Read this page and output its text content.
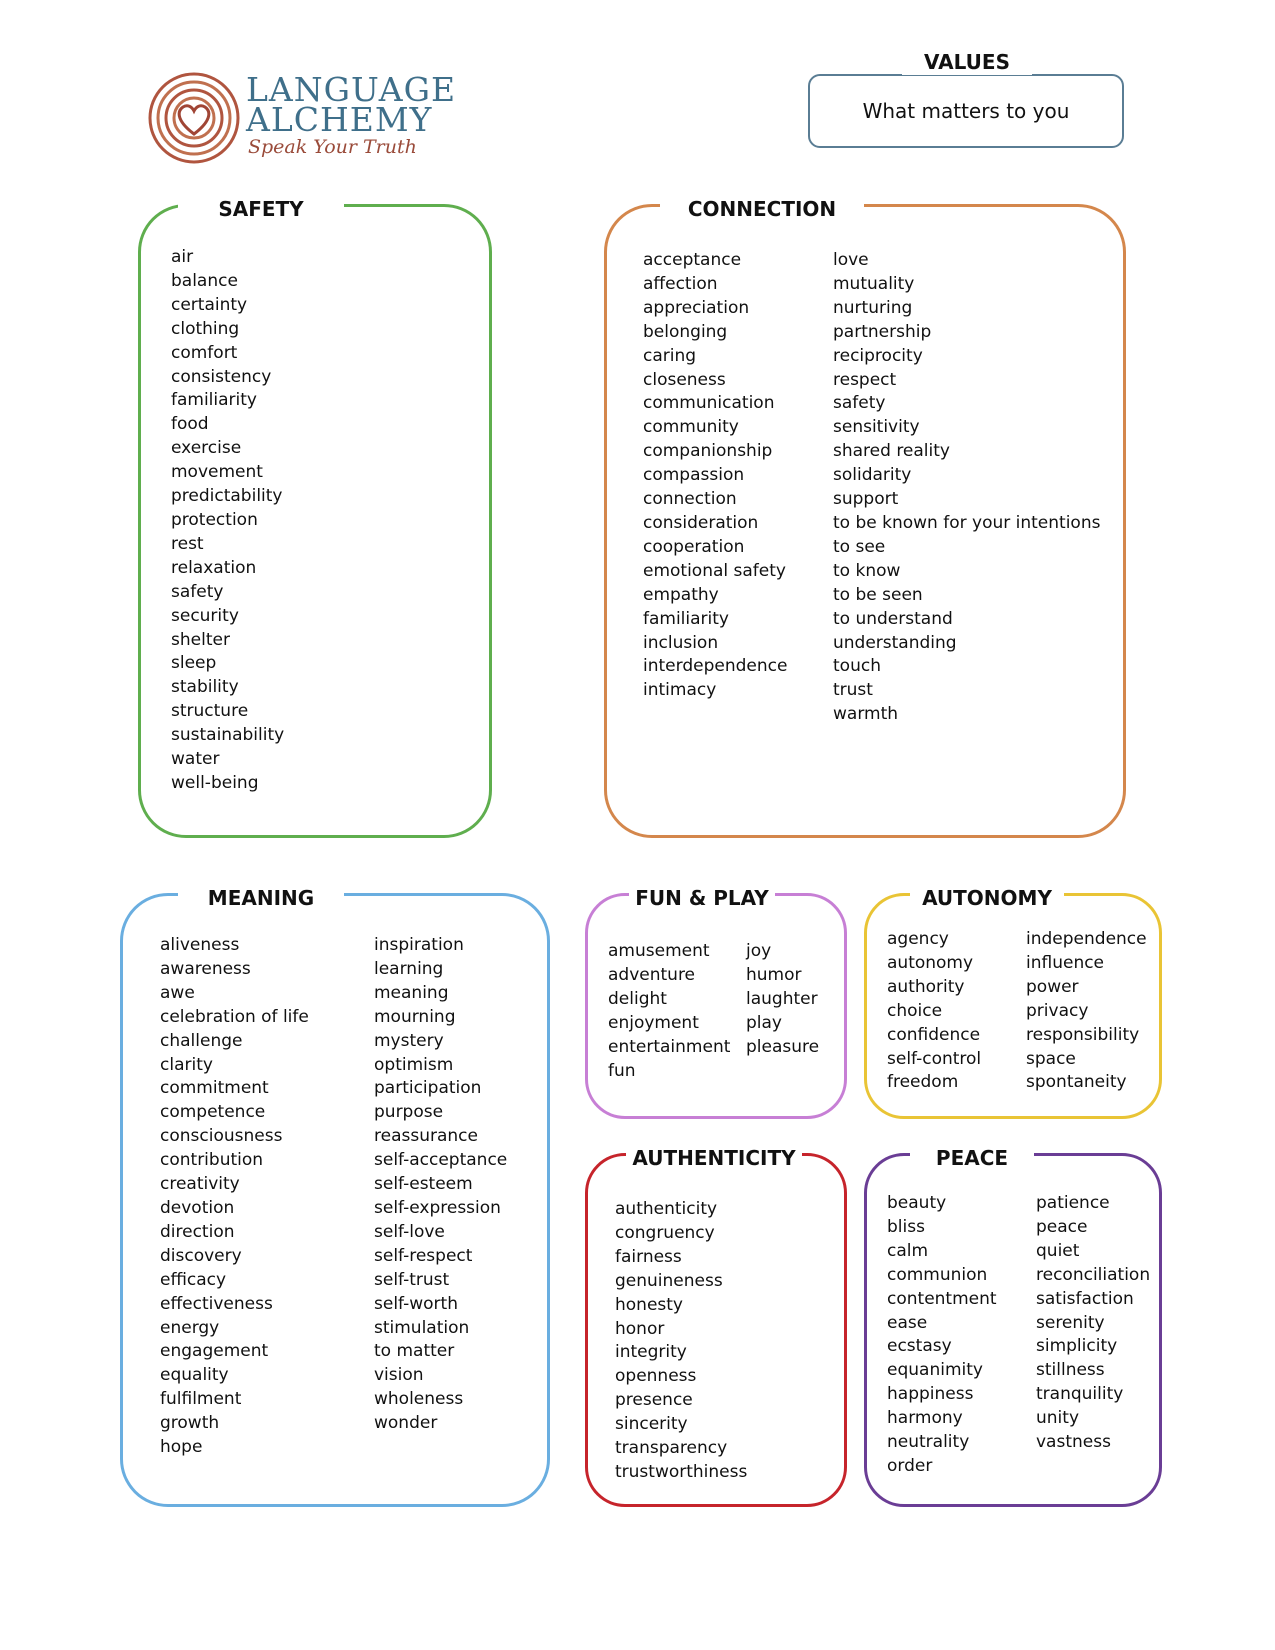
LANGUAGE
ALCHEMY
Speak Your Truth
VALUES
What matters to you
SAFETY
air
balance
certainty
clothing
comfort
consistency
familiarity
food
exercise
movement
predictability
protection
rest
relaxation
safety
security
shelter
sleep
stability
structure
sustainability
water
well-being
CONNECTION
acceptance
affection
appreciation
belonging
caring
closeness
communication
community
companionship
compassion
connection
consideration
cooperation
emotional safety
empathy
familiarity
inclusion
interdependence
intimacy
love
mutuality
nurturing
partnership
reciprocity
respect
safety
sensitivity
shared reality
solidarity
support
to be known for your intentions
to see
to know
to be seen
to understand
understanding
touch
trust
warmth
MEANING
aliveness
awareness
awe
celebration of life
challenge
clarity
commitment
competence
consciousness
contribution
creativity
devotion
direction
discovery
efficacy
effectiveness
energy
engagement
equality
fulfilment
growth
hope
inspiration
learning
meaning
mourning
mystery
optimism
participation
purpose
reassurance
self-acceptance
self-esteem
self-expression
self-love
self-respect
self-trust
self-worth
stimulation
to matter
vision
wholeness
wonder
FUN & PLAY
amusement
adventure
delight
enjoyment
entertainment
fun
joy
humor
laughter
play
pleasure
AUTONOMY
agency
autonomy
authority
choice
confidence
self-control
freedom
independence
influence
power
privacy
responsibility
space
spontaneity
AUTHENTICITY
authenticity
congruency
fairness
genuineness
honesty
honor
integrity
openness
presence
sincerity
transparency
trustworthiness
PEACE
beauty
bliss
calm
communion
contentment
ease
ecstasy
equanimity
happiness
harmony
neutrality
order
patience
peace
quiet
reconciliation
satisfaction
serenity
simplicity
stillness
tranquility
unity
vastness
